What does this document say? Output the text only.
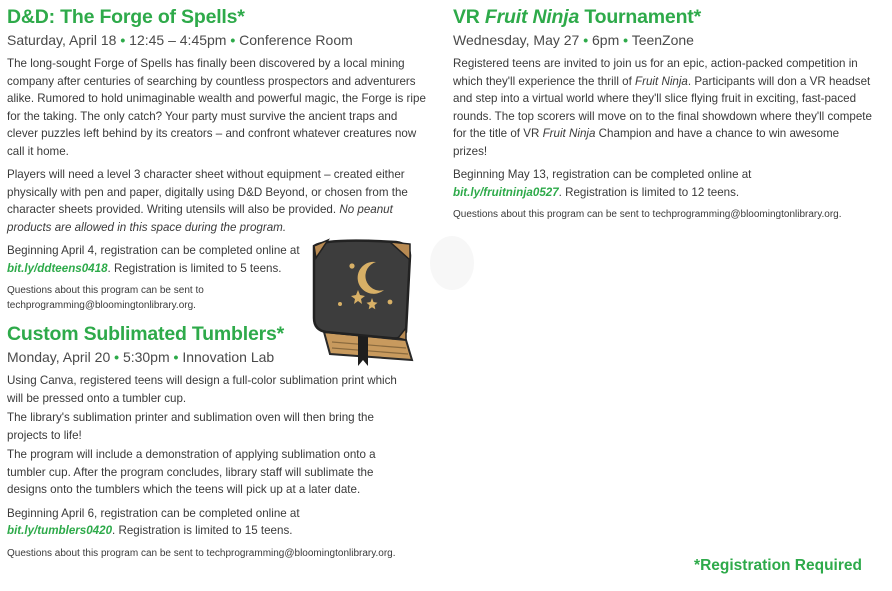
D&D: The Forge of Spells*
Saturday, April 18 • 12:45 – 4:45pm • Conference Room

The long-sought Forge of Spells has finally been discovered by a local mining company after centuries of searching by countless prospectors and adventurers alike. Rumored to hold unimaginable wealth and powerful magic, the Forge is ripe for the taking. The only catch? Your party must survive the ancient traps and clever puzzles left behind by its creators – and confront whatever creatures now call it home.

Players will need a level 3 character sheet without equipment – created either physically with pen and paper, digitally using D&D Beyond, or chosen from the character sheets provided. Writing utensils will also be provided. No peanut products are allowed in this space during the program.

Beginning April 4, registration can be completed online at bit.ly/ddteens0418. Registration is limited to 5 teens.

Questions about this program can be sent to techprogramming@bloomingtonlibrary.org.

Custom Sublimated Tumblers*
Monday, April 20 • 5:30pm • Innovation Lab

Using Canva, registered teens will design a full-color sublimation print which will be pressed onto a tumbler cup.

The library's sublimation printer and sublimation oven will then bring the projects to life!

The program will include a demonstration of applying sublimation onto a tumbler cup. After the program concludes, library staff will sublimate the designs onto the tumblers which the teens will pick up at a later date.

Beginning April 6, registration can be completed online at bit.ly/tumblers0420. Registration is limited to 15 teens.

Questions about this program can be sent to techprogramming@bloomingtonlibrary.org.

VR Fruit Ninja Tournament*
Wednesday, May 27 • 6pm • TeenZone

Registered teens are invited to join us for an epic, action-packed competition in which they'll experience the thrill of Fruit Ninja. Participants will don a VR headset and step into a virtual world where they'll slice flying fruit in exciting, fast-paced rounds. The top scorers will move on to the final showdown where they'll compete for the title of VR Fruit Ninja Champion and have a chance to win awesome prizes!

Beginning May 13, registration can be completed online at bit.ly/fruitninja0527. Registration is limited to 12 teens.

Questions about this program can be sent to techprogramming@bloomingtonlibrary.org.

*Registration Required
